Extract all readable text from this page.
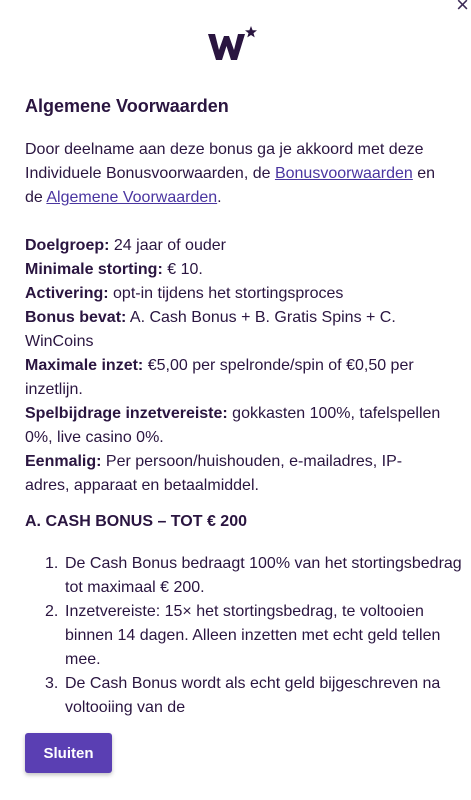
×
Algemene Voorwaarden

Door deelname aan deze bonus ga je akkoord met deze Individuele Bonusvoorwaarden, de Bonusvoorwaarden en de Algemene Voorwaarden.

Doelgroep: 24 jaar of ouder
Minimale storting: € 10.
Activering: opt-in tijdens het stortingsproces
Bonus bevat: A. Cash Bonus + B. Gratis Spins + C. WinCoins
Maximale inzet: €5,00 per spelronde/spin of €0,50 per inzetlijn.
Spelbijdrage inzetvereiste: gokkasten 100%, tafelspellen 0%, live casino 0%.
Eenmalig: Per persoon/huishouden, e-mailadres, IP-adres, apparaat en betaalmiddel.
A. CASH BONUS – TOT € 200
1. De Cash Bonus bedraagt 100% van het stortingsbedrag tot maximaal € 200.
2. Inzetvereiste: 15× het stortingsbedrag, te voltooien binnen 14 dagen. Alleen inzetten met echt geld tellen mee.
3. De Cash Bonus wordt als echt geld bijgeschreven na voltooiing van de
Sluiten
